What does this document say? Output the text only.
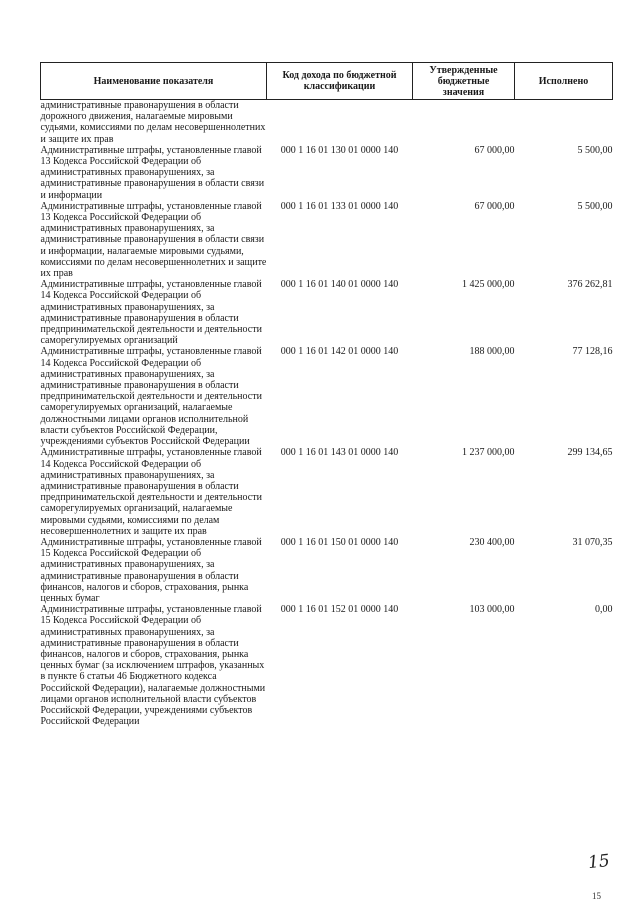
Наименование показателя	Код дохода по бюджетной классификации	Утвержденные бюджетные значения	Исполнено
административные правонарушения в области дорожного движения, налагаемые мировыми судьями, комиссиями по делам несовершеннолетних и защите их прав			
Административные штрафы, установленные главой 13 Кодекса Российской Федерации об административных правонарушениях, за административные правонарушения в области связи и информации	000 1 16 01 130 01 0000 140	67 000,00	5 500,00
Административные штрафы, установленные главой 13 Кодекса Российской Федерации об административных правонарушениях, за административные правонарушения в области связи и информации, налагаемые мировыми судьями, комиссиями по делам несовершеннолетних и защите их прав	000 1 16 01 133 01 0000 140	67 000,00	5 500,00
Административные штрафы, установленные главой 14 Кодекса Российской Федерации об административных правонарушениях, за административные правонарушения в области предпринимательской деятельности и деятельности саморегулируемых организаций	000 1 16 01 140 01 0000 140	1 425 000,00	376 262,81
Административные штрафы, установленные главой 14 Кодекса Российской Федерации об административных правонарушениях, за административные правонарушения в области предпринимательской деятельности и деятельности саморегулируемых организаций, налагаемые должностными лицами органов исполнительной власти субъектов Российской Федерации, учреждениями субъектов Российской Федерации	000 1 16 01 142 01 0000 140	188 000,00	77 128,16
Административные штрафы, установленные главой 14 Кодекса Российской Федерации об административных правонарушениях, за административные правонарушения в области предпринимательской деятельности и деятельности саморегулируемых организаций, налагаемые мировыми судьями, комиссиями по делам несовершеннолетних и защите их прав	000 1 16 01 143 01 0000 140	1 237 000,00	299 134,65
Административные штрафы, установленные главой 15 Кодекса Российской Федерации об административных правонарушениях, за административные правонарушения в области финансов, налогов и сборов, страхования, рынка ценных бумаг	000 1 16 01 150 01 0000 140	230 400,00	31 070,35
Административные штрафы, установленные главой 15 Кодекса Российской Федерации об административных правонарушениях, за административные правонарушения в области финансов, налогов и сборов, страхования, рынка ценных бумаг (за исключением штрафов, указанных в пункте 6 статьи 46 Бюджетного кодекса Российской Федерации), налагаемые должностными лицами органов исполнительной власти субъектов Российской Федерации, учреждениями субъектов Российской Федерации	000 1 16 01 152 01 0000 140	103 000,00	0,00
15
15
